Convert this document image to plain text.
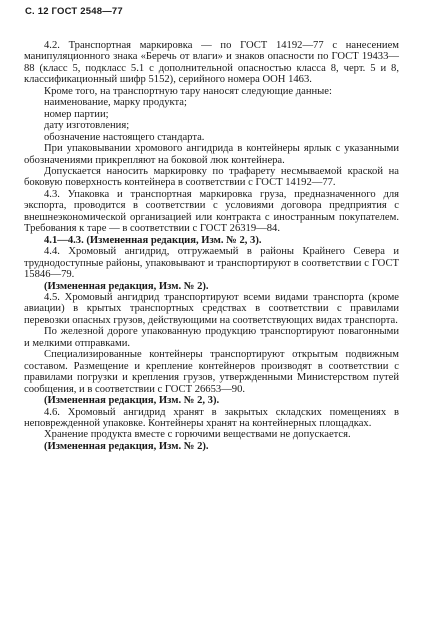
С. 12 ГОСТ 2548—77

4.2. Транспортная маркировка — по ГОСТ 14192—77 с нанесением манипуляционного знака «Беречь от влаги» и знаков опасности по ГОСТ 19433—88 (класс 5, подкласс 5.1 с дополнительной опасностью класса 8, черт. 5 и 8, классификационный шифр 5152), серийного номера ООН 1463.

Кроме того, на транспортную тару наносят следующие данные:

наименование, марку продукта;

номер партии;

дату изготовления;

обозначение настоящего стандарта.

При упаковывании хромового ангидрида в контейнеры ярлык с указанными обозначениями прикрепляют на боковой люк контейнера.

Допускается наносить маркировку по трафарету несмываемой краской на боковую поверхность контейнера в соответствии с ГОСТ 14192—77.

4.3. Упаковка и транспортная маркировка груза, предназначенного для экспорта, проводится в соответствии с условиями договора предприятия с внешнеэкономической организацией или контракта с иностранным покупателем. Требования к таре — в соответствии с ГОСТ 26319—84.

4.1—4.3. (Измененная редакция, Изм. № 2, 3).

4.4. Хромовый ангидрид, отгружаемый в районы Крайнего Севера и труднодоступные районы, упаковывают и транспортируют в соответствии с ГОСТ 15846—79.

(Измененная редакция, Изм. № 2).

4.5. Хромовый ангидрид транспортируют всеми видами транспорта (кроме авиации) в крытых транспортных средствах в соответствии с правилами перевозки опасных грузов, действующими на соответствующих видах транспорта.

По железной дороге упакованную продукцию транспортируют повагонными и мелкими отправками.

Специализированные контейнеры транспортируют открытым подвижным составом. Размещение и крепление контейнеров производят в соответствии с правилами погрузки и крепления грузов, утвержденными Министерством путей сообщения, и в соответствии с ГОСТ 26653—90.

(Измененная редакция, Изм. № 2, 3).

4.6. Хромовый ангидрид хранят в закрытых складских помещениях в неповрежденной упаковке. Контейнеры хранят на контейнерных площадках.

Хранение продукта вместе с горючими веществами не допускается.

(Измененная редакция, Изм. № 2).
